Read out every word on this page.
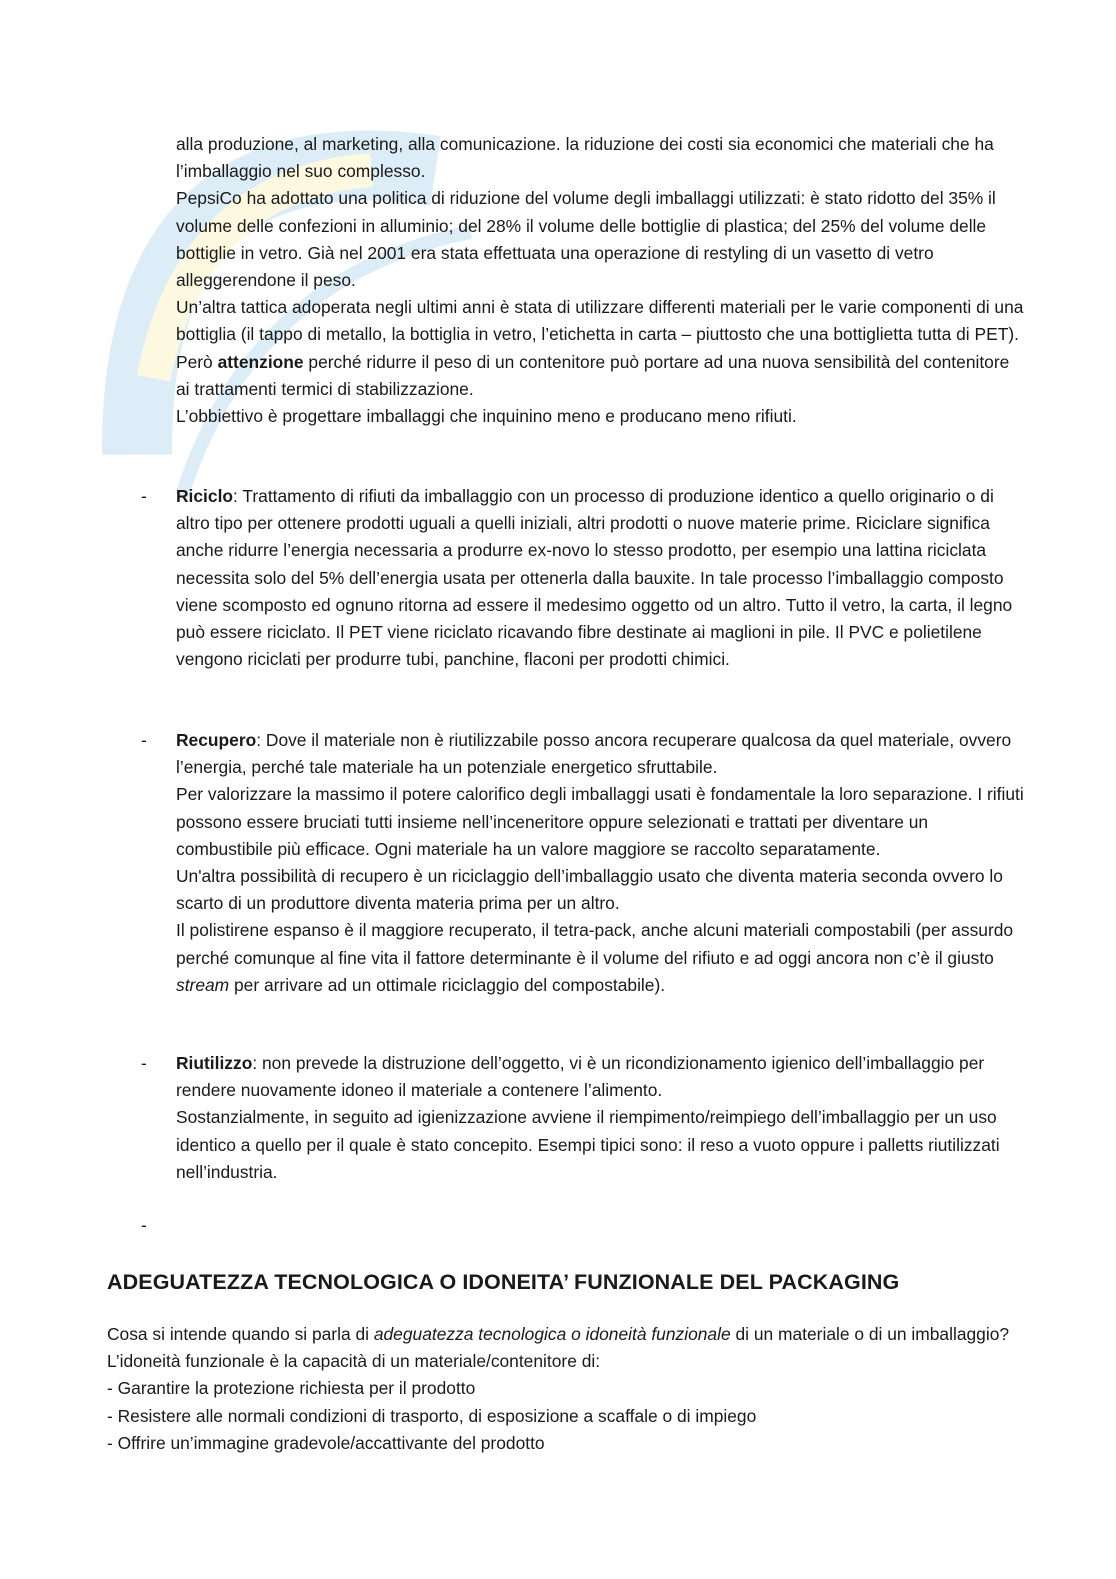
alla produzione, al marketing, alla comunicazione. la riduzione dei costi sia economici che materiali che ha l’imballaggio nel suo complesso.

PepsiCo ha adottato una politica di riduzione del volume degli imballaggi utilizzati: è stato ridotto del 35% il volume delle confezioni in alluminio; del 28% il volume delle bottiglie di plastica; del 25% del volume delle bottiglie in vetro. Già nel 2001 era stata effettuata una operazione di restyling di un vasetto di vetro alleggerendone il peso.

Un’altra tattica adoperata negli ultimi anni è stata di utilizzare differenti materiali per le varie componenti di una bottiglia (il tappo di metallo, la bottiglia in vetro, l’etichetta in carta – piuttosto che una bottiglietta tutta di PET).

Però attenzione perché ridurre il peso di un contenitore può portare ad una nuova sensibilità del contenitore ai trattamenti termici di stabilizzazione.

L’obbiettivo è progettare imballaggi che inquinino meno e producano meno rifiuti.

- Riciclo: Trattamento di rifiuti da imballaggio con un processo di produzione identico a quello originario o di altro tipo per ottenere prodotti uguali a quelli iniziali, altri prodotti o nuove materie prime. Riciclare significa anche ridurre l’energia necessaria a produrre ex-novo lo stesso prodotto, per esempio una lattina riciclata necessita solo del 5% dell’energia usata per ottenerla dalla bauxite. In tale processo l’imballaggio composto viene scomposto ed ognuno ritorna ad essere il medesimo oggetto od un altro. Tutto il vetro, la carta, il legno può essere riciclato. Il PET viene riciclato ricavando fibre destinate ai maglioni in pile. Il PVC e polietilene vengono riciclati per produrre tubi, panchine, flaconi per prodotti chimici.

- Recupero: Dove il materiale non è riutilizzabile posso ancora recuperare qualcosa da quel materiale, ovvero l’energia, perché tale materiale ha un potenziale energetico sfruttabile.

Per valorizzare la massimo il potere calorifico degli imballaggi usati è fondamentale la loro separazione. I rifiuti possono essere bruciati tutti insieme nell’inceneritore oppure selezionati e trattati per diventare un combustibile più efficace. Ogni materiale ha un valore maggiore se raccolto separatamente.

Un'altra possibilità di recupero è un riciclaggio dell’imballaggio usato che diventa materia seconda ovvero lo scarto di un produttore diventa materia prima per un altro.

Il polistirene espanso è il maggiore recuperato, il tetra-pack, anche alcuni materiali compostabili (per assurdo perché comunque al fine vita il fattore determinante è il volume del rifiuto e ad oggi ancora non c’è il giusto stream per arrivare ad un ottimale riciclaggio del compostabile).

- Riutilizzo: non prevede la distruzione dell’oggetto, vi è un ricondizionamento igienico dell’imballaggio per rendere nuovamente idoneo il materiale a contenere l’alimento.

Sostanzialmente, in seguito ad igienizzazione avviene il riempimento/reimpiego dell’imballaggio per un uso identico a quello per il quale è stato concepito. Esempi tipici sono: il reso a vuoto oppure i palletts riutilizzati nell’industria.

-
ADEGUATEZZA TECNOLOGICA O IDONEITA’ FUNZIONALE DEL PACKAGING

Cosa si intende quando si parla di adeguatezza tecnologica o idoneità funzionale di un materiale o di un imballaggio? L’idoneità funzionale è la capacità di un materiale/contenitore di:

- Garantire la protezione richiesta per il prodotto

- Resistere alle normali condizioni di trasporto, di esposizione a scaffale o di impiego

- Offrire un’immagine gradevole/accattivante del prodotto
